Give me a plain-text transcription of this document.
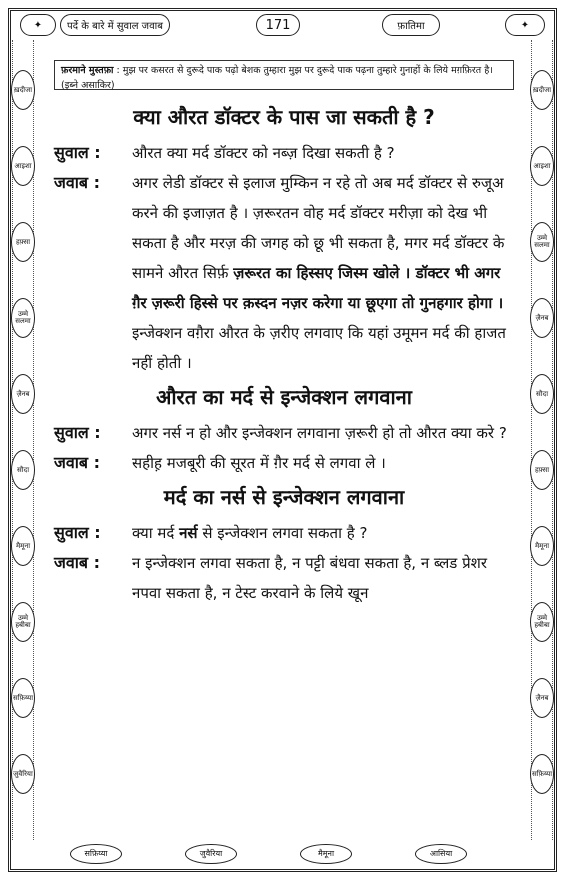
पर्दे के बारे में सुवाल जवाब	171	फ़ातिमा
✦	✦
ख़दीजा
आइशा
हफ़्सा
उम्मे सलमा
ज़ैनब
सौदा
मैमूना
उम्मे हबीबा
सफ़िय्या
जुवैरिया
ख़दीजा
आइशा
उम्मे सलमा
ज़ैनब
सौदा
हफ़्सा
मैमूना
उम्मे हबीबा
ज़ैनब
सफ़िय्या
फ़रमाने मुस्तफ़ा : मुझ पर कसरत से दुरूदे पाक पढ़ो बेशक तुम्हारा मुझ पर दुरूदे पाक पढ़ना तुम्हारे गुनाहों के लिये मग़फ़िरत है। (इब्ने असाकिर)
क्या औरत डॉक्टर के पास जा सकती है ?
सुवाल :	औरत क्या मर्द डॉक्टर को नब्ज़ दिखा सकती है ?
जवाब :	अगर लेडी डॉक्टर से इलाज मुम्किन न रहे तो अब मर्द डॉक्टर से रुजूअ करने की इजाज़त है । ज़रूरतन वोह मर्द डॉक्टर मरीज़ा को देख भी सकता है और मरज़ की जगह को छू भी सकता है, मगर मर्द डॉक्टर के सामने औरत सिर्फ़ ज़रूरत का हिस्सए जिस्म खोले । डॉक्टर भी अगर ग़ैर ज़रूरी हिस्से पर क़स्दन नज़र करेगा या छूएगा तो गुनहगार होगा । इन्जेक्शन वग़ैरा औरत के ज़रीए लगवाए कि यहां उमूमन मर्द की हाजत नहीं होती ।
औरत का मर्द से इन्जेक्शन लगवाना
सुवाल :	अगर नर्स न हो और इन्जेक्शन लगवाना ज़रूरी हो तो औरत क्या करे ?
जवाब :	सहीह़ मजबूरी की सूरत में ग़ैर मर्द से लगवा ले ।
मर्द का नर्स से इन्जेक्शन लगवाना
सुवाल :	क्या मर्द नर्स से इन्जेक्शन लगवा सकता है ?
जवाब :	न इन्जेक्शन लगवा सकता है, न पट्टी बंधवा सकता है, न ब्लड प्रेशर नपवा सकता है, न टेस्ट करवाने के लिये खून
सफ़िय्या	जुवैरिया	मैमूना	आसिया
